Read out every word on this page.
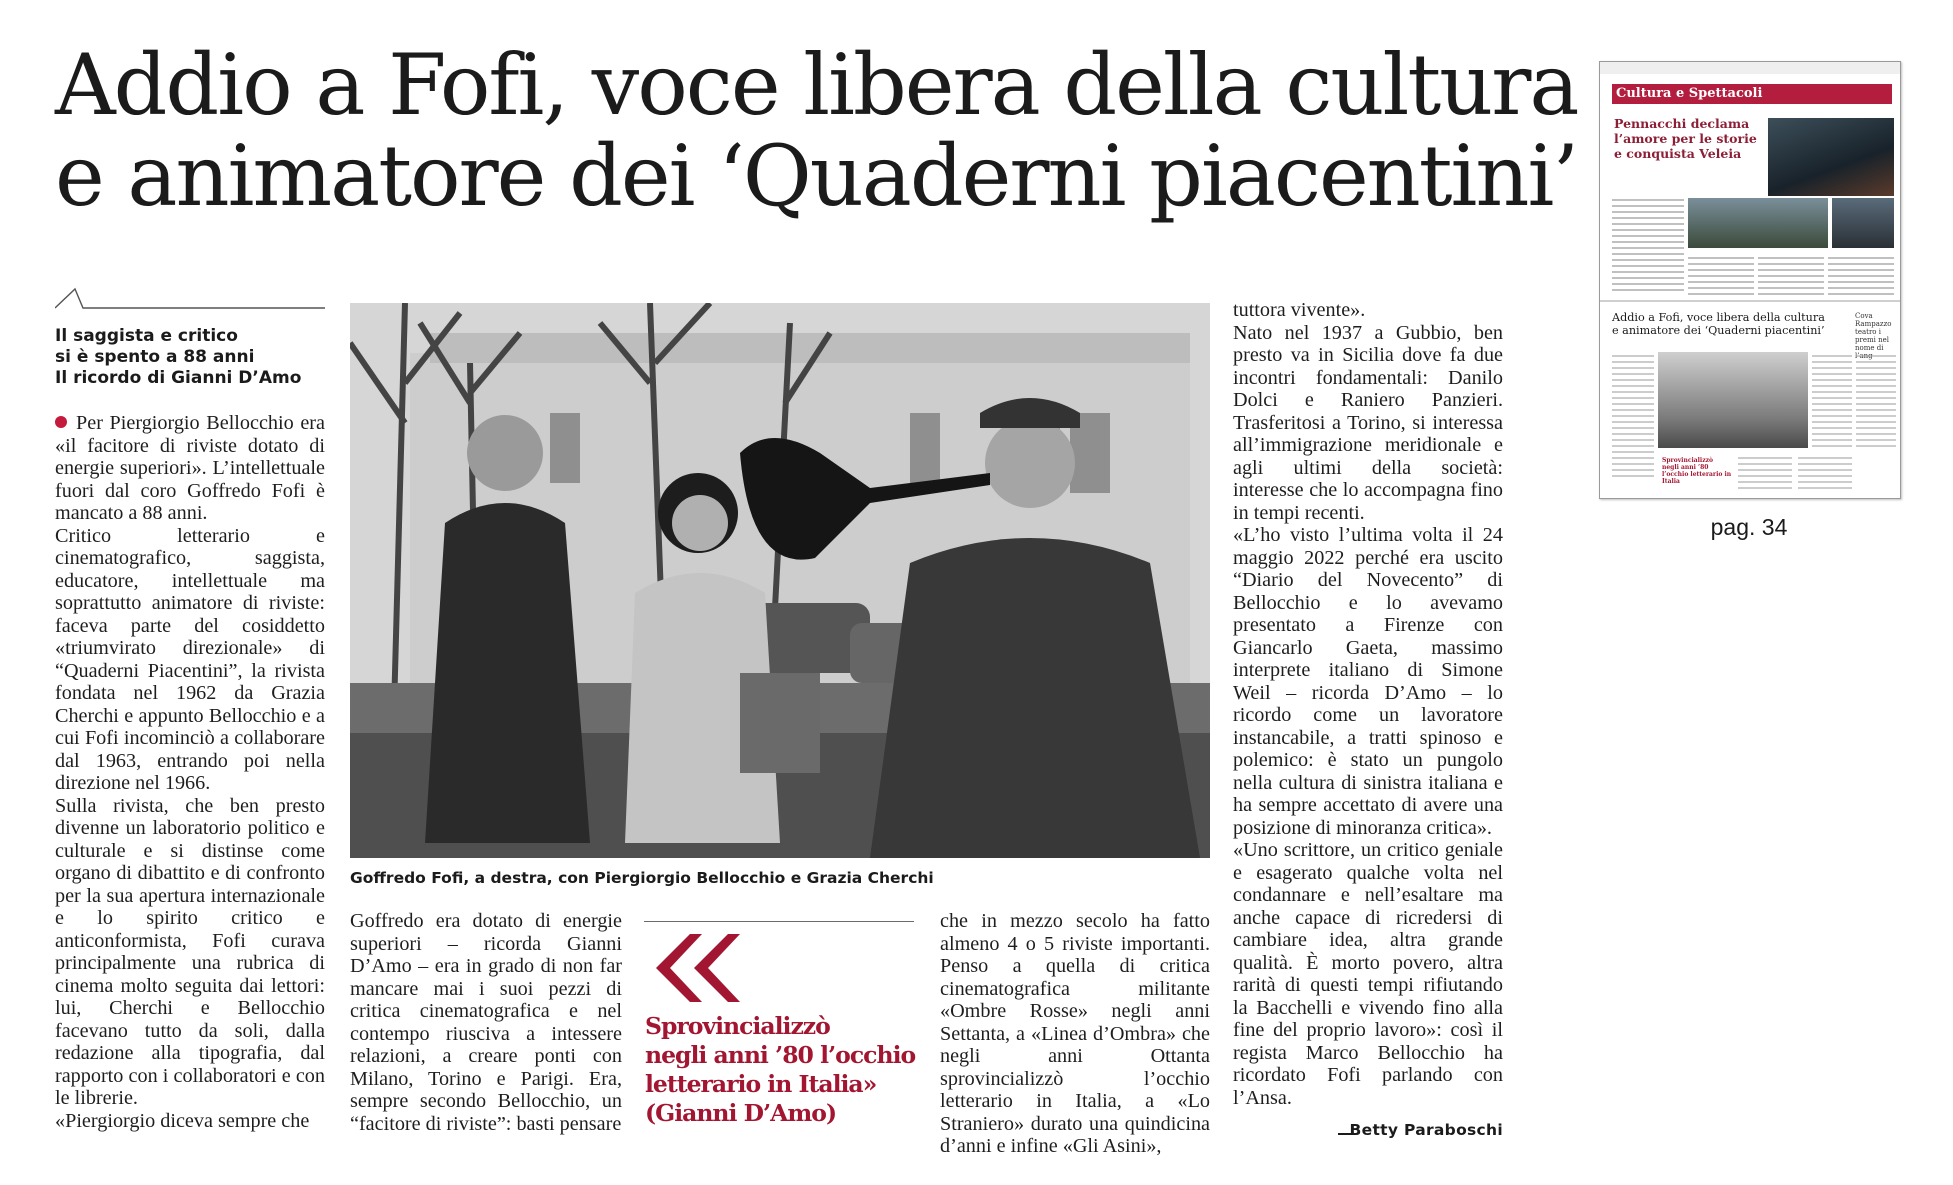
Addio a Fofi, voce libera della cultura
e animatore dei ‘Quaderni piacentini’
Il saggista e critico
si è spento a 88 anni
Il ricordo di Gianni D’Amo

Per Piergiorgio Bellocchio era «il facitore di riviste dotato di energie superiori». L’intellettuale fuori dal coro Goffredo Fofi è mancato a 88 anni.

Critico letterario e cinematografico, saggista, educatore, intellettuale ma soprattutto animatore di riviste: faceva parte del cosiddetto «triumvirato direzionale» di “Quaderni Piacentini”, la rivista fondata nel 1962 da Grazia Cherchi e appunto Bellocchio e a cui Fofi incominciò a collaborare dal 1963, entrando poi nella direzione nel 1966.

Sulla rivista, che ben presto divenne un laboratorio politico e culturale e si distinse come organo di dibattito e di confronto per la sua apertura internazionale e lo spirito critico e anticonformista, Fofi curava principalmente una rubrica di cinema molto seguita dai lettori: lui, Cherchi e Bellocchio facevano tutto da soli, dalla redazione alla tipografia, dal rapporto con i collaboratori e con le librerie.

«Piergiorgio diceva sempre che

Goffredo Fofi, a destra, con Piergiorgio Bellocchio e Grazia Cherchi

Goffredo era dotato di energie superiori – ricorda Gianni D’Amo – era in grado di non far mancare mai i suoi pezzi di critica cinematografica e nel contempo riusciva a intessere relazioni, a creare ponti con Milano, Torino e Parigi. Era, sempre secondo Bellocchio, un “facitore di riviste”: basti pensare

Sprovincializzò
negli anni ’80 l’occhio
letterario in Italia»
(Gianni D’Amo)

che in mezzo secolo ha fatto almeno 4 o 5 riviste importanti. Penso a quella di critica cinematografica militante «Ombre Rosse» negli anni Settanta, a «Linea d’Ombra» che negli anni Ottanta sprovincializzò l’occhio letterario in Italia, a «Lo Straniero» durato una quindicina d’anni e infine «Gli Asini»,

tuttora vivente».

Nato nel 1937 a Gubbio, ben presto va in Sicilia dove fa due incontri fondamentali: Danilo Dolci e Raniero Panzieri. Trasferitosi a Torino, si interessa all’immigrazione meridionale e agli ultimi della società: interesse che lo accompagna fino in tempi recenti.

«L’ho visto l’ultima volta il 24 maggio 2022 perché era uscito “Diario del Novecento” di Bellocchio e lo avevamo presentato a Firenze con Giancarlo Gaeta, massimo interprete italiano di Simone Weil – ricorda D’Amo – lo ricordo come un lavoratore instancabile, a tratti spinoso e polemico: è stato un pungolo nella cultura di sinistra italiana e ha sempre accettato di avere una posizione di minoranza critica».

«Uno scrittore, un critico geniale e esagerato qualche volta nel condannare e nell’esaltare ma anche capace di ricredersi di cambiare idea, altra grande qualità. È morto povero, altra rarità di questi tempi rifiutando la Bacchelli e vivendo fino alla fine del proprio lavoro»: così il regista Marco Bellocchio ha ricordato Fofi parlando con l’Ansa.

Betty Paraboschi
Cultura e Spettacoli
Pennacchi declama l’amore per le storie e conquista Veleia
Addio a Fofi, voce libera della cultura
e animatore dei ‘Quaderni piacentini’
Cova Rampazzo teatro i premi nel nome di l’ang
Sprovincializzò negli anni ’80 l’occhio letterario in Italia
pag. 34
